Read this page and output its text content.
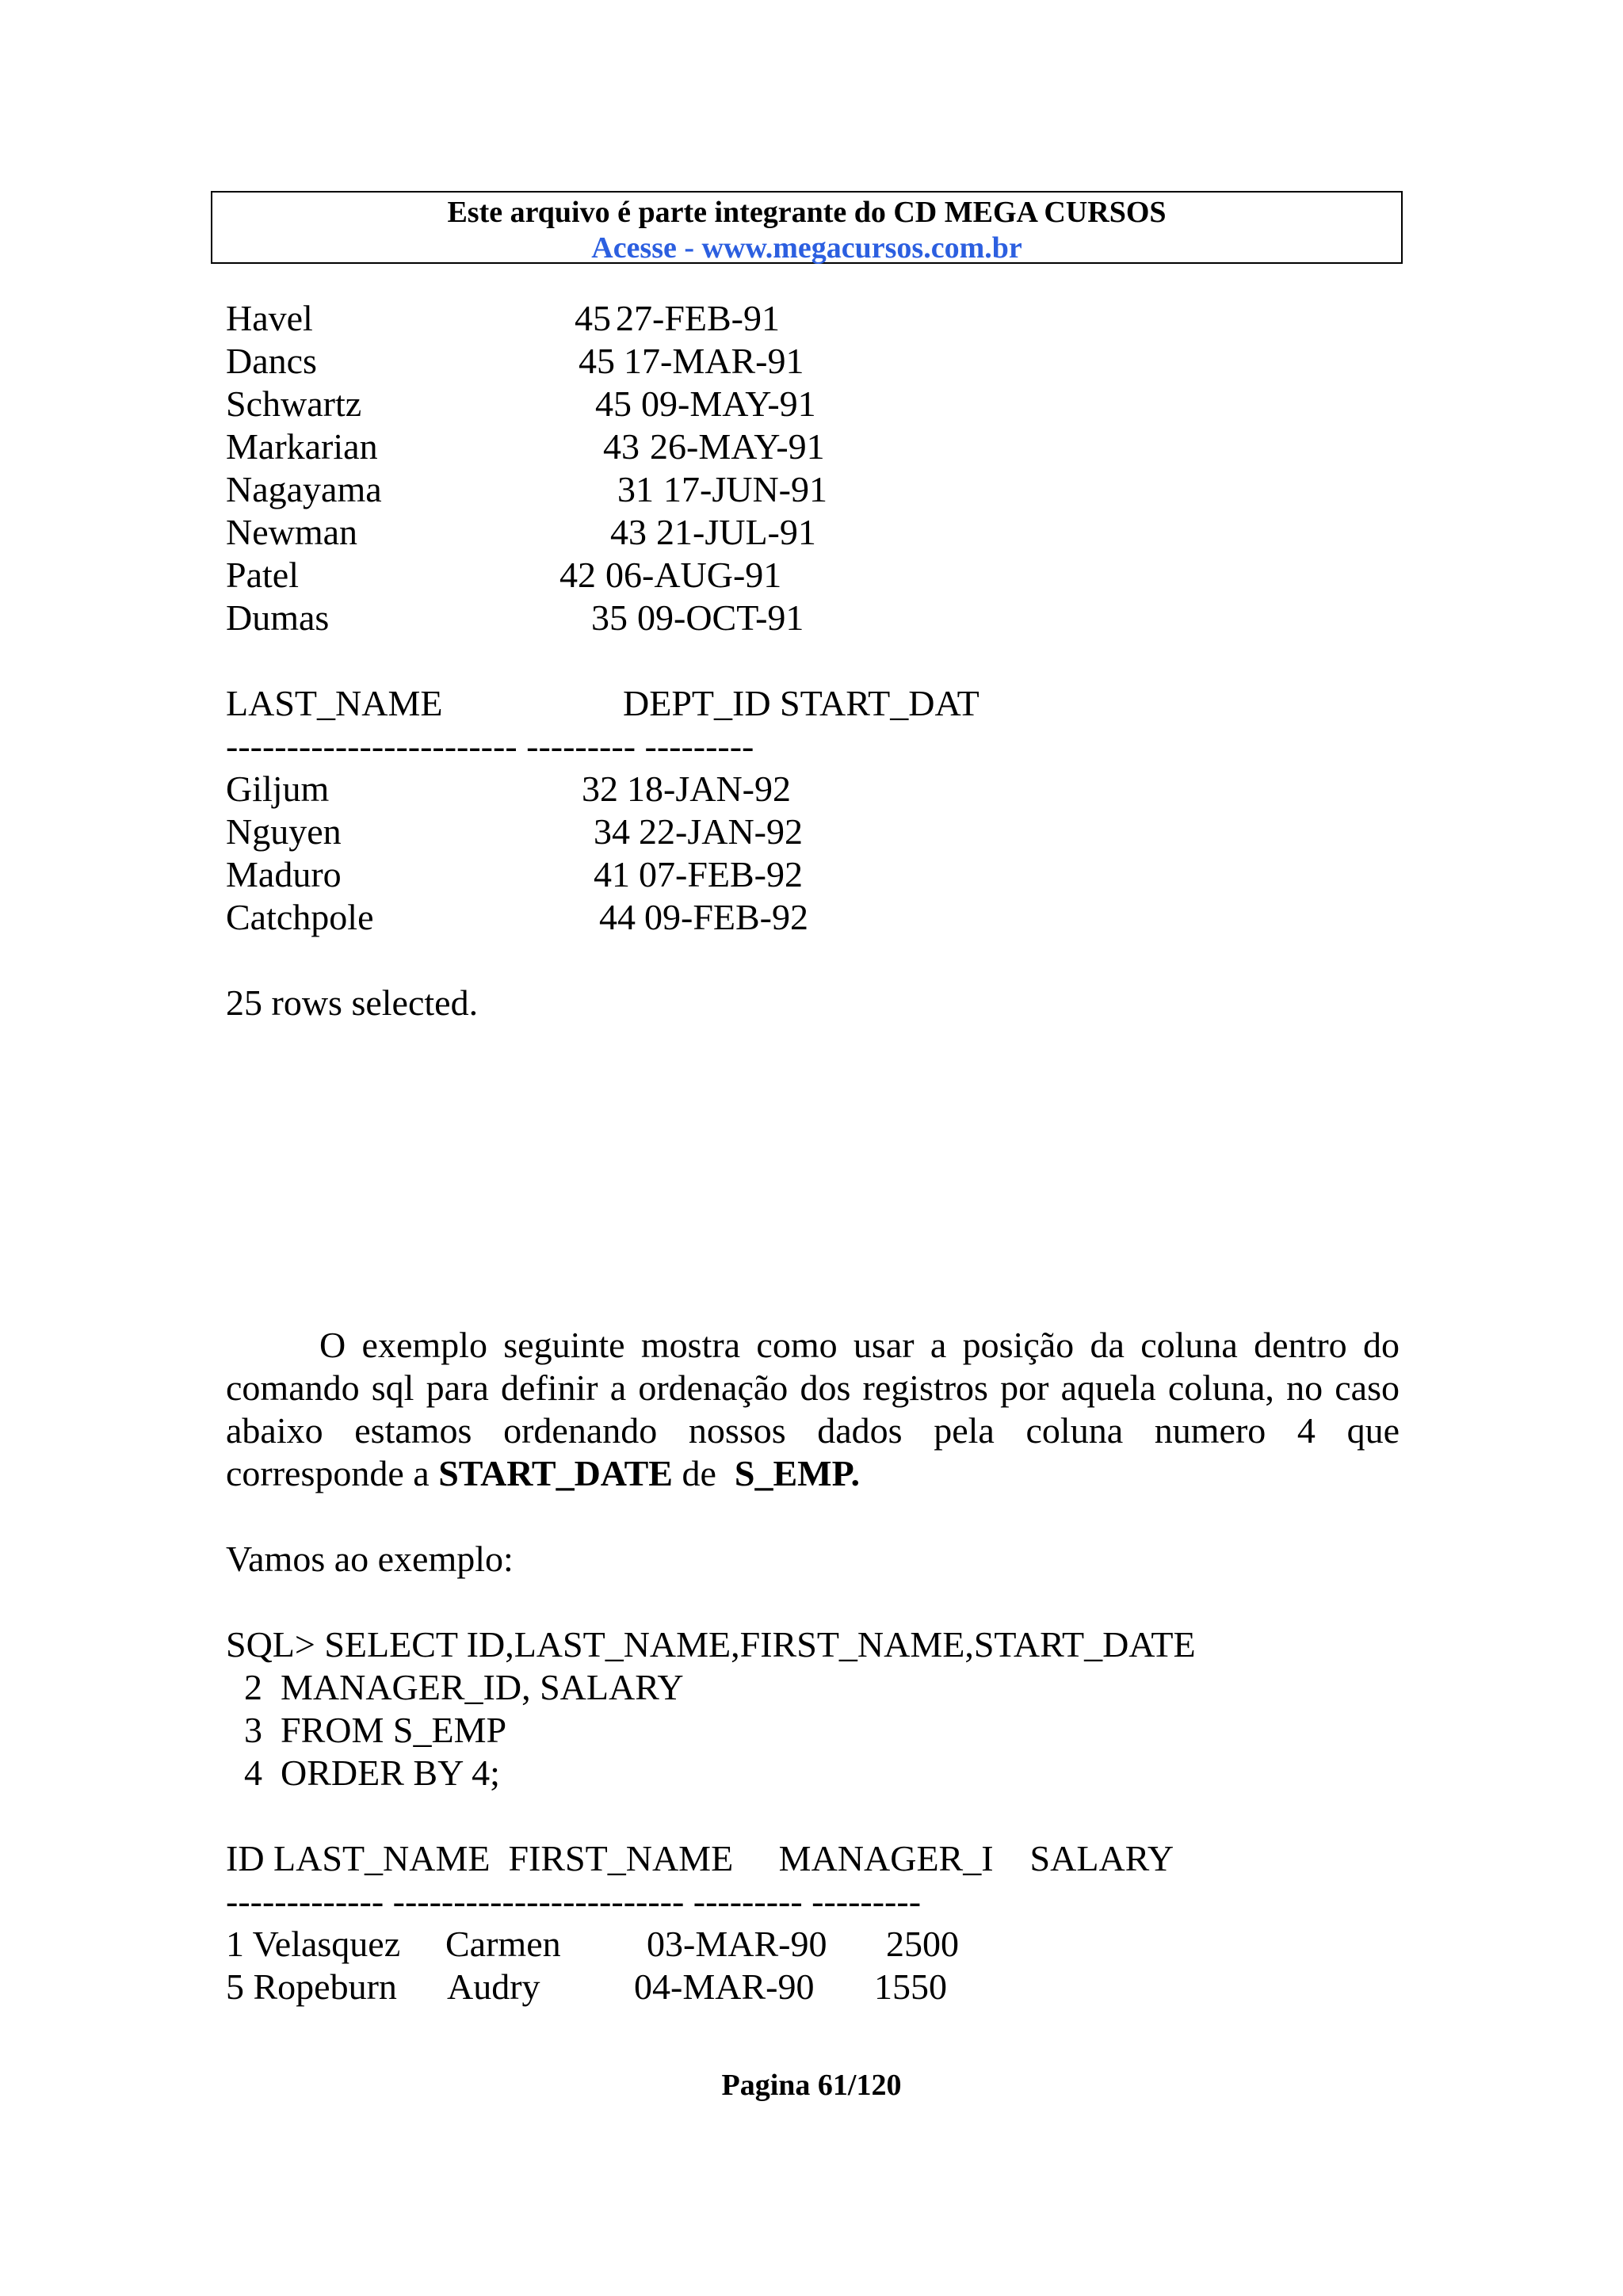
Este arquivo é parte integrante do CD MEGA CURSOS
Acesse - www.megacursos.com.br
Havel	45 27-FEB-91
Dancs	45 17-MAR-91
Schwartz	45 09-MAY-91
Markarian	43 26-MAY-91
Nagayama	31 17-JUN-91
Newman	43 21-JUL-91
Patel	42 06-AUG-91
Dumas	35 09-OCT-91
LAST_NAME	DEPT_ID START_DAT
------------------------ --------- ---------
Giljum	32 18-JAN-92
Nguyen	34 22-JAN-92
Maduro	41 07-FEB-92
Catchpole	44 09-FEB-92
25 rows selected.
O exemplo seguinte mostra como usar a posição da coluna dentro do
comando sql para definir a ordenação dos registros por aquela coluna, no caso
abaixo estamos ordenando nossos dados pela coluna numero 4 que
corresponde a START_DATE de S_EMP.
Vamos ao exemplo:
SQL> SELECT ID,LAST_NAME,FIRST_NAME,START_DATE
2  MANAGER_ID, SALARY
3  FROM S_EMP
4  ORDER BY 4;
ID LAST_NAME  FIRST_NAME     MANAGER_I    SALARY
------------- ------------------------ --------- ---------
1 Velasquez Carmen 03-MAR-90 2500
5 Ropeburn Audry	04-MAR-90 1550
Pagina 61/120
